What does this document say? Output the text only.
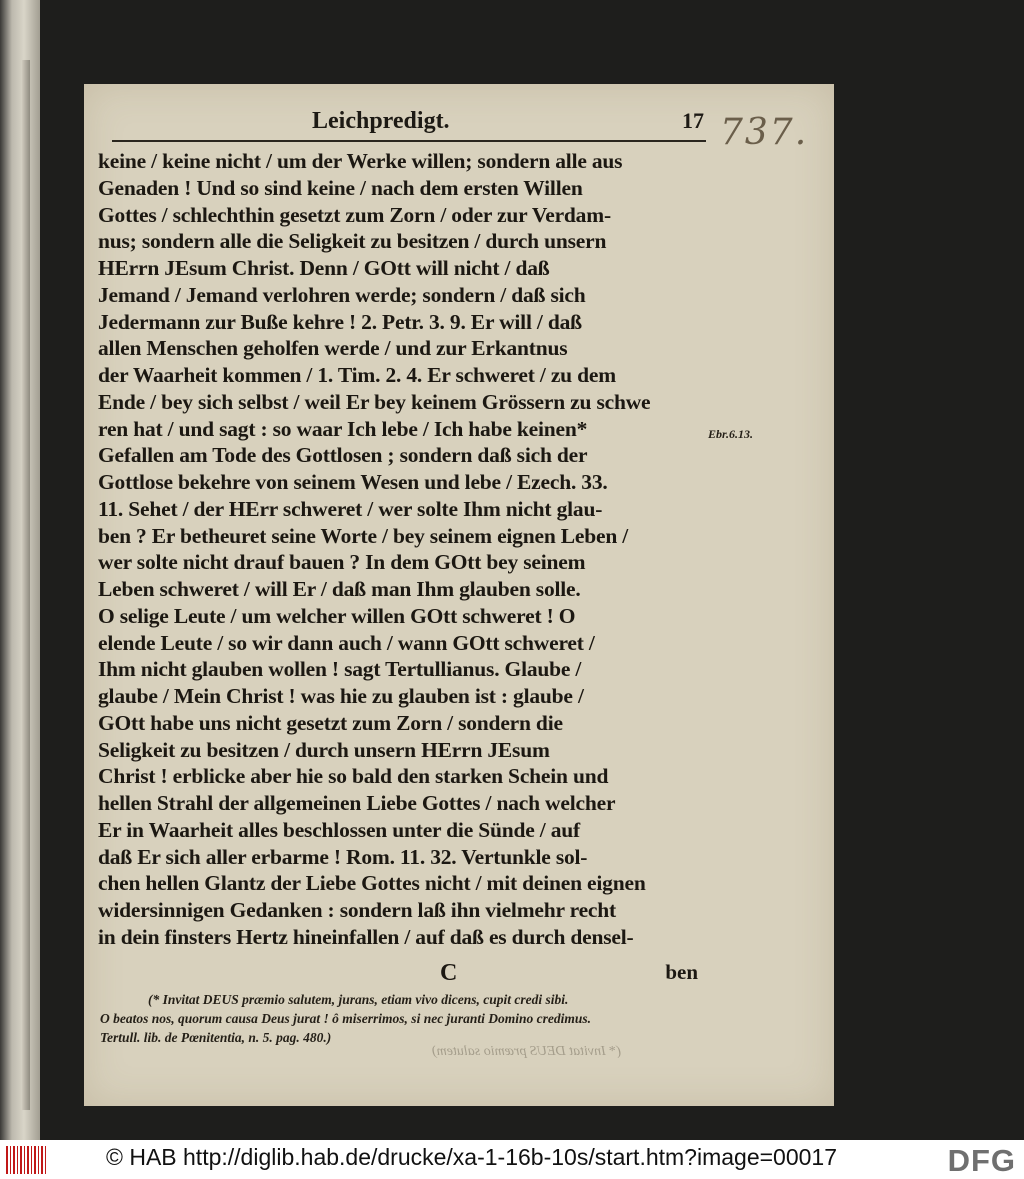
Leichpredigt.	17 737.
keine / keine nicht / um der Werke willen; sondern alle aus
Genaden ! Und so sind keine / nach dem ersten Willen
Gottes / schlechthin gesetzt zum Zorn / oder zur Verdam-
nus; sondern alle die Seligkeit zu besitzen / durch unsern
HErrn JEsum Christ. Denn / GOtt will nicht / daß
Jemand / Jemand verlohren werde; sondern / daß sich
Jedermann zur Buße kehre ! 2. Petr. 3. 9. Er will / daß
allen Menschen geholfen werde / und zur Erkantnus
der Waarheit kommen / 1. Tim. 2. 4. Er schweret / zu dem
Ende / bey sich selbst / weil Er bey keinem Grössern zu schwe
ren hat / und sagt : so waar Ich lebe / Ich habe keinen*
Gefallen am Tode des Gottlosen ; sondern daß sich der
Gottlose bekehre von seinem Wesen und lebe / Ezech. 33.
11. Sehet / der HErr schweret / wer solte Ihm nicht glau-
ben ? Er betheuret seine Worte / bey seinem eignen Leben /
wer solte nicht drauf bauen ? In dem GOtt bey seinem
Leben schweret / will Er / daß man Ihm glauben solle.
O selige Leute / um welcher willen GOtt schweret ! O
elende Leute / so wir dann auch / wann GOtt schweret /
Ihm nicht glauben wollen ! sagt Tertullianus. Glaube /
glaube / Mein Christ ! was hie zu glauben ist : glaube /
GOtt habe uns nicht gesetzt zum Zorn / sondern die
Seligkeit zu besitzen / durch unsern HErrn JEsum
Christ ! erblicke aber hie so bald den starken Schein und
hellen Strahl der allgemeinen Liebe Gottes / nach welcher
Er in Waarheit alles beschlossen unter die Sünde / auf
daß Er sich aller erbarme ! Rom. 11. 32. Vertunkle sol-
chen hellen Glantz der Liebe Gottes nicht / mit deinen eignen
widersinnigen Gedanken : sondern laß ihn vielmehr recht
in dein finsters Hertz hineinfallen / auf daß es durch densel-
Ebr.6.13.
C	ben
(* Invitat DEUS præmio salutem, jurans, etiam vivo dicens, cupit credi sibi.
O beatos nos, quorum causa Deus jurat ! ô miserrimos, si nec juranti Domino credimus.
Tertull. lib. de Pœnitentia, n. 5. pag. 480.)
(* Invitat DEUS præmio salutem)
© HAB http://diglib.hab.de/drucke/xa-1-16b-10s/start.htm?image=00017	DFG
